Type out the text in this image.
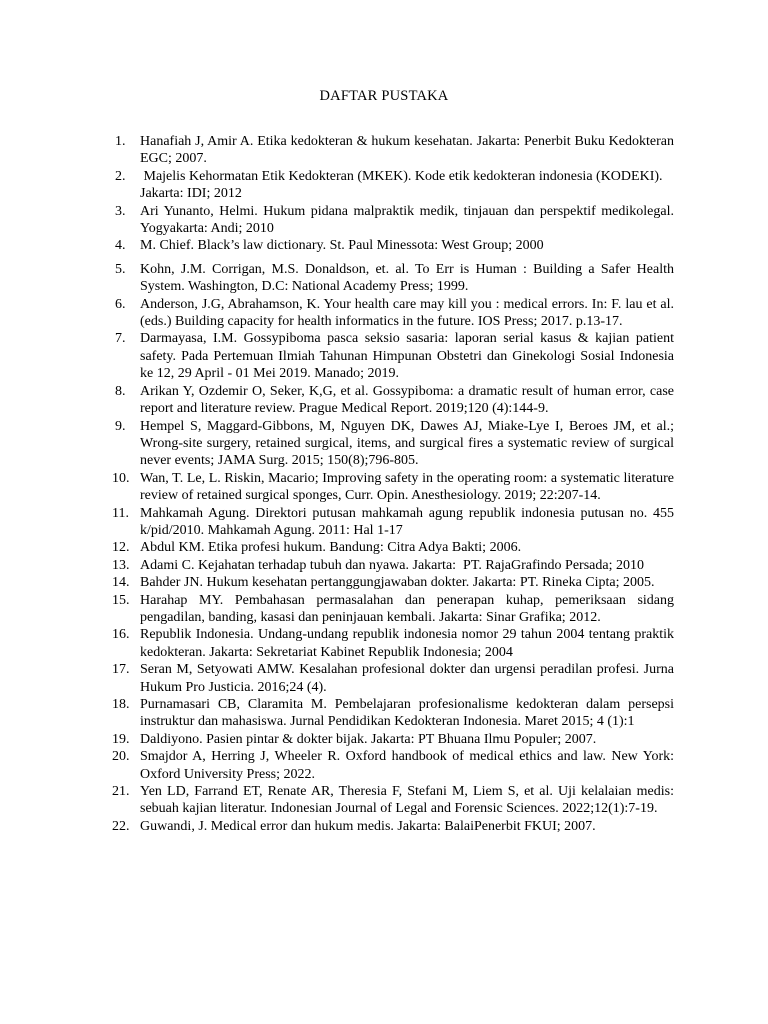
DAFTAR PUSTAKA
1. Hanafiah J, Amir A. Etika kedokteran & hukum kesehatan. Jakarta: Penerbit Buku Kedokteran EGC; 2007.
2. Majelis Kehormatan Etik Kedokteran (MKEK). Kode etik kedokteran indonesia (KODEKI). Jakarta: IDI; 2012
3. Ari Yunanto, Helmi. Hukum pidana malpraktik medik, tinjauan dan perspektif medikolegal. Yogyakarta: Andi; 2010
4. M. Chief. Black’s law dictionary. St. Paul Minessota: West Group; 2000
5. Kohn, J.M. Corrigan, M.S. Donaldson, et. al. To Err is Human : Building a Safer Health System. Washington, D.C: National Academy Press; 1999.
6. Anderson, J.G, Abrahamson, K. Your health care may kill you : medical errors. In: F. lau et al. (eds.) Building capacity for health informatics in the future. IOS Press; 2017. p.13-17.
7. Darmayasa, I.M. Gossypiboma pasca seksio sasaria: laporan serial kasus & kajian patient safety. Pada Pertemuan Ilmiah Tahunan Himpunan Obstetri dan Ginekologi Sosial Indonesia ke 12, 29 April - 01 Mei 2019. Manado; 2019.
8. Arikan Y, Ozdemir O, Seker, K,G, et al. Gossypiboma: a dramatic result of human error, case report and literature review. Prague Medical Report. 2019;120 (4):144-9.
9. Hempel S, Maggard-Gibbons, M, Nguyen DK, Dawes AJ, Miake-Lye I, Beroes JM, et al.; Wrong-site surgery, retained surgical, items, and surgical fires a systematic review of surgical never events; JAMA Surg. 2015; 150(8);796-805.
10. Wan, T. Le, L. Riskin, Macario; Improving safety in the operating room: a systematic literature review of retained surgical sponges, Curr. Opin. Anesthesiology. 2019; 22:207-14.
11. Mahkamah Agung. Direktori putusan mahkamah agung republik indonesia putusan no. 455 k/pid/2010. Mahkamah Agung. 2011: Hal 1-17
12. Abdul KM. Etika profesi hukum. Bandung: Citra Adya Bakti; 2006.
13. Adami C. Kejahatan terhadap tubuh dan nyawa. Jakarta:  PT. RajaGrafindo Persada; 2010
14. Bahder JN. Hukum kesehatan pertanggungjawaban dokter. Jakarta: PT. Rineka Cipta; 2005.
15. Harahap MY. Pembahasan permasalahan dan penerapan kuhap, pemeriksaan sidang pengadilan, banding, kasasi dan peninjauan kembali. Jakarta: Sinar Grafika; 2012.
16. Republik Indonesia. Undang-undang republik indonesia nomor 29 tahun 2004 tentang praktik kedokteran. Jakarta: Sekretariat Kabinet Republik Indonesia; 2004
17. Seran M, Setyowati AMW. Kesalahan profesional dokter dan urgensi peradilan profesi. Jurna Hukum Pro Justicia. 2016;24 (4).
18. Purnamasari CB, Claramita M. Pembelajaran profesionalisme kedokteran dalam persepsi instruktur dan mahasiswa. Jurnal Pendidikan Kedokteran Indonesia. Maret 2015; 4 (1):1
19. Daldiyono. Pasien pintar & dokter bijak. Jakarta: PT Bhuana Ilmu Populer; 2007.
20. Smajdor A, Herring J, Wheeler R. Oxford handbook of medical ethics and law. New York: Oxford University Press; 2022.
21. Yen LD, Farrand ET, Renate AR, Theresia F, Stefani M, Liem S, et al. Uji kelalaian medis: sebuah kajian literatur. Indonesian Journal of Legal and Forensic Sciences. 2022;12(1):7-19.
22. Guwandi, J. Medical error dan hukum medis. Jakarta: BalaiPenerbit FKUI; 2007.
